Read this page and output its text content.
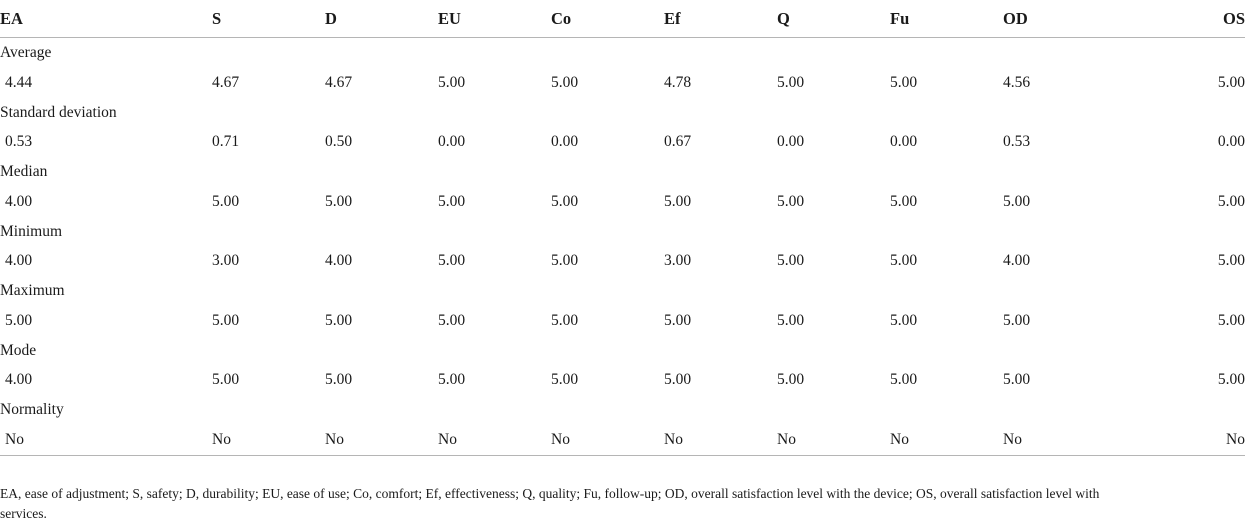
EA	S	D	EU	Co	Ef	Q	Fu	OD	OS
Average									
4.44	4.67	4.67	5.00	5.00	4.78	5.00	5.00	4.56	5.00
Standard deviation									
0.53	0.71	0.50	0.00	0.00	0.67	0.00	0.00	0.53	0.00
Median									
4.00	5.00	5.00	5.00	5.00	5.00	5.00	5.00	5.00	5.00
Minimum									
4.00	3.00	4.00	5.00	5.00	3.00	5.00	5.00	4.00	5.00
Maximum									
5.00	5.00	5.00	5.00	5.00	5.00	5.00	5.00	5.00	5.00
Mode									
4.00	5.00	5.00	5.00	5.00	5.00	5.00	5.00	5.00	5.00
Normality									
No	No	No	No	No	No	No	No	No	No
EA, ease of adjustment; S, safety; D, durability; EU, ease of use; Co, comfort; Ef, effectiveness; Q, quality; Fu, follow-up; OD, overall satisfaction level with the device; OS, overall satisfaction level with services.
